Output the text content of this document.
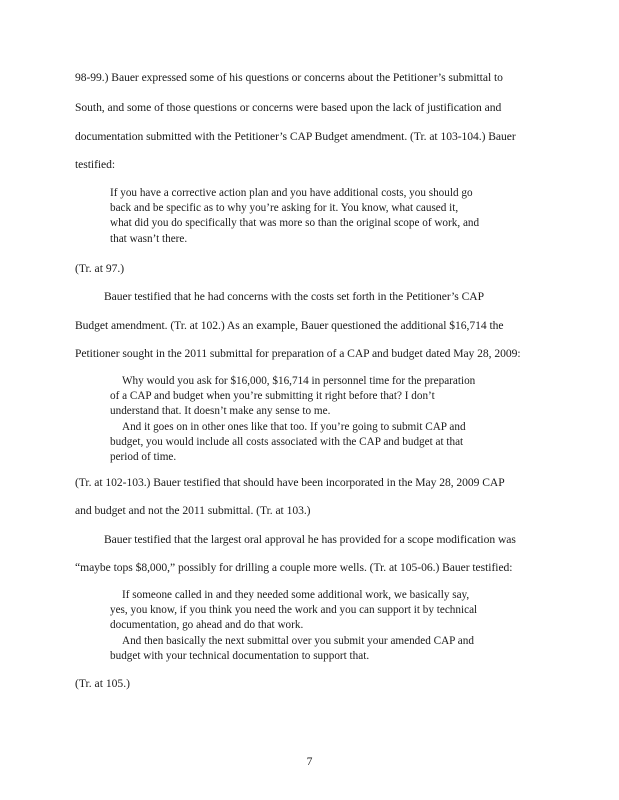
98-99.) Bauer expressed some of his questions or concerns about the Petitioner’s submittal to
South, and some of those questions or concerns were based upon the lack of justification and
documentation submitted with the Petitioner’s CAP Budget amendment. (Tr. at 103-104.) Bauer
testified:

If you have a corrective action plan and you have additional costs, you should go

back and be specific as to why you’re asking for it. You know, what caused it,

what did you do specifically that was more so than the original scope of work, and

that wasn’t there.

(Tr. at 97.)
Bauer testified that he had concerns with the costs set forth in the Petitioner’s CAP
Budget amendment. (Tr. at 102.) As an example, Bauer questioned the additional $16,714 the
Petitioner sought in the 2011 submittal for preparation of a CAP and budget dated May 28, 2009:

Why would you ask for $16,000, $16,714 in personnel time for the preparation

of a CAP and budget when you’re submitting it right before that? I don’t

understand that. It doesn’t make any sense to me.

And it goes on in other ones like that too. If you’re going to submit CAP and

budget, you would include all costs associated with the CAP and budget at that

period of time.

(Tr. at 102-103.) Bauer testified that should have been incorporated in the May 28, 2009 CAP
and budget and not the 2011 submittal. (Tr. at 103.)
Bauer testified that the largest oral approval he has provided for a scope modification was
“maybe tops $8,000,” possibly for drilling a couple more wells. (Tr. at 105-06.) Bauer testified:

If someone called in and they needed some additional work, we basically say,

yes, you know, if you think you need the work and you can support it by technical

documentation, go ahead and do that work.

And then basically the next submittal over you submit your amended CAP and

budget with your technical documentation to support that.

(Tr. at 105.)
7
